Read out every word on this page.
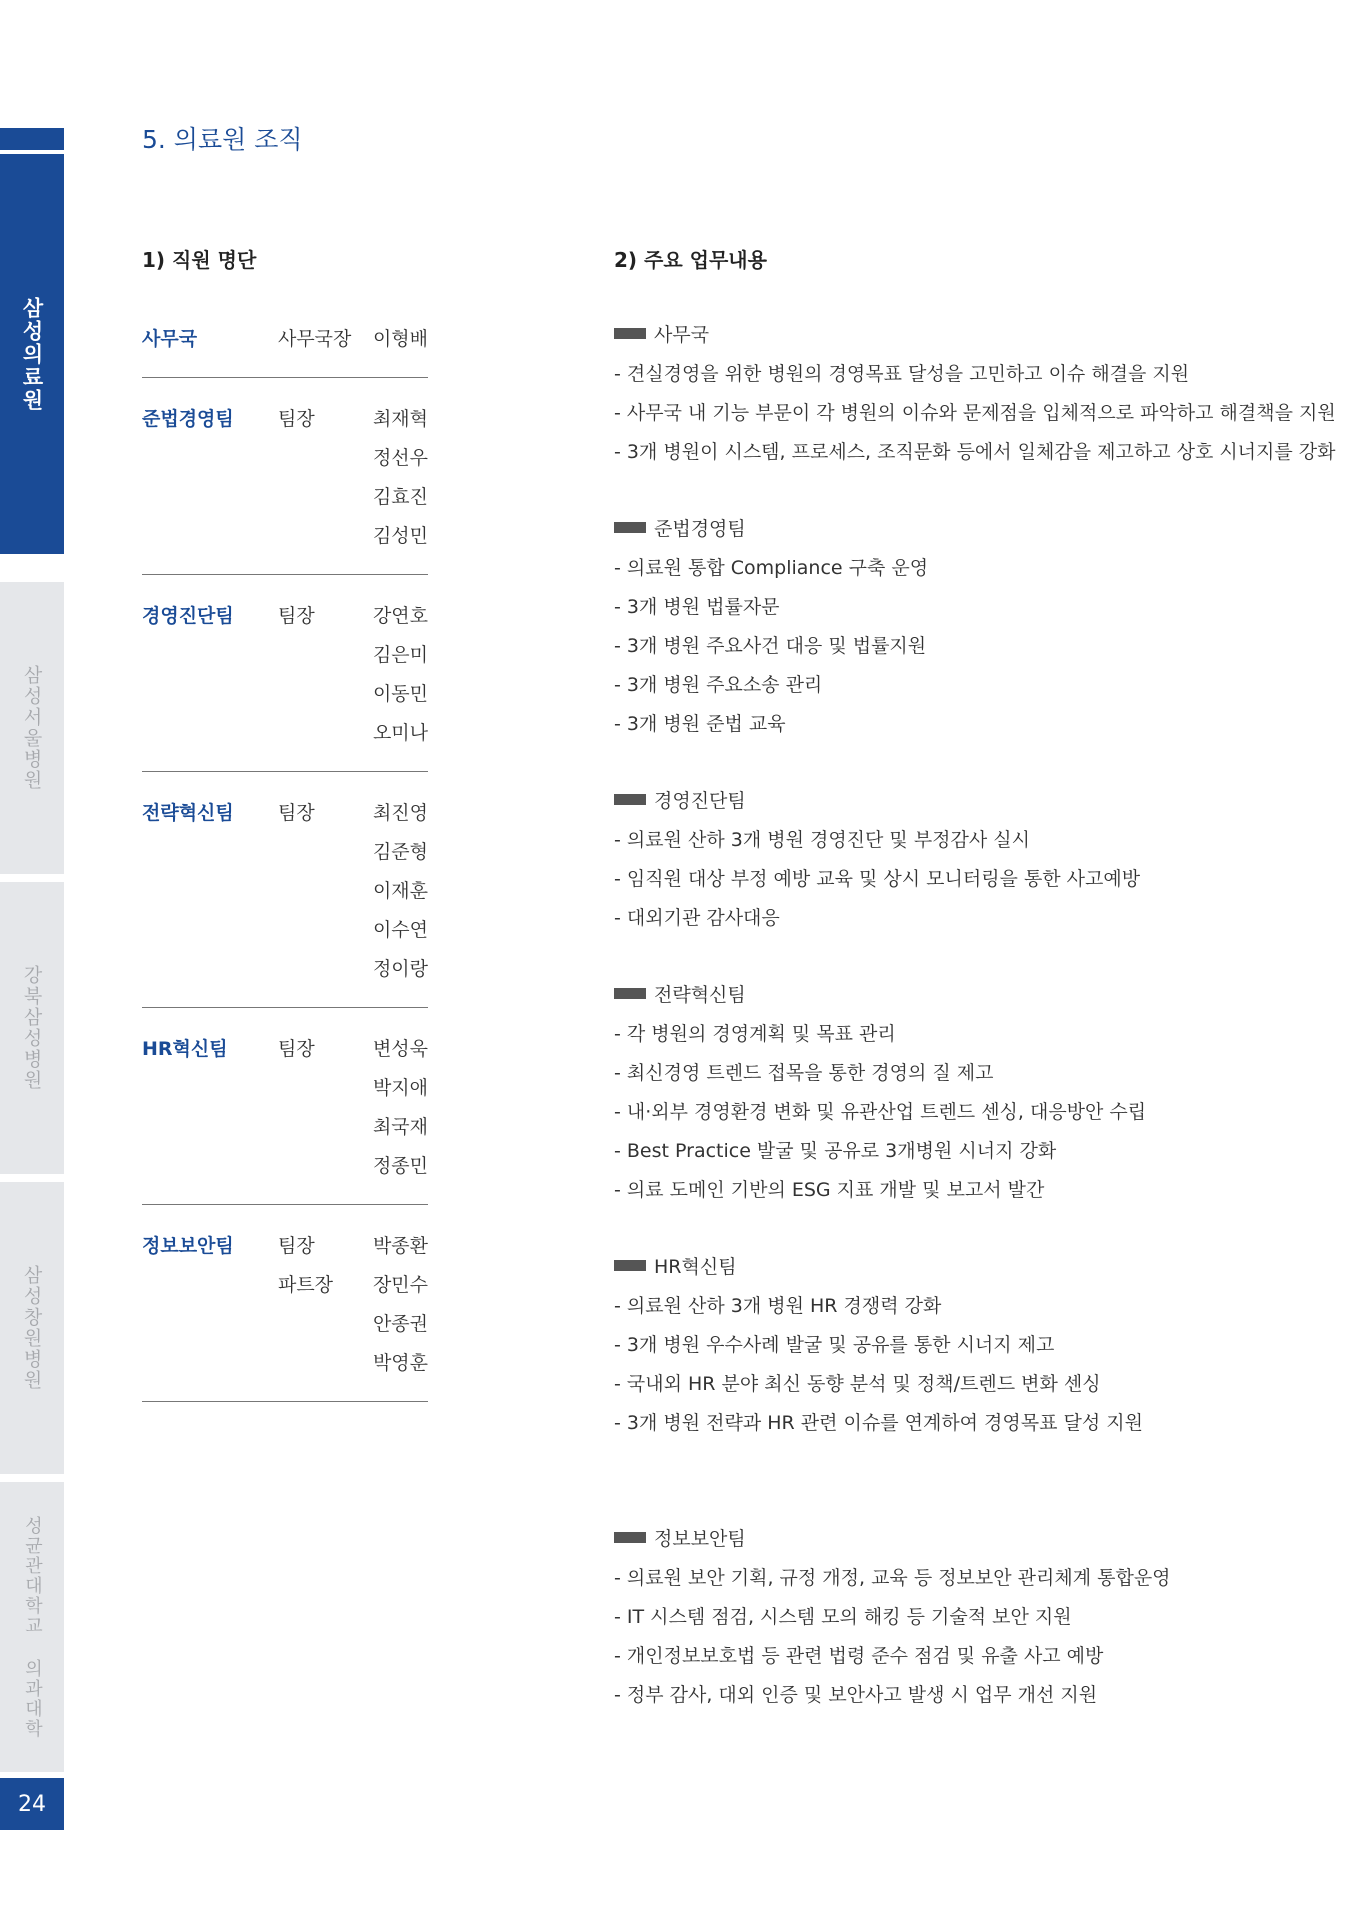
삼성의료원
삼성서울병원
강북삼성병원
삼성창원병원
성균관대학교 의과대학
24
5. 의료원 조직
1) 직원 명단	2) 주요 업무내용
사무국	사무국장	이형배
준법경영팀	팀장	최재혁
정선우
김효진
김성민
경영진단팀	팀장	강연호
김은미
이동민
오미나
전략혁신팀	팀장	최진영
김준형
이재훈
이수연
정이랑
HR혁신팀	팀장	변성욱
박지애
최국재
정종민
정보보안팀	팀장	박종환
파트장	장민수
안종권
박영훈
사무국
- 견실경영을 위한 병원의 경영목표 달성을 고민하고 이슈 해결을 지원
- 사무국 내 기능 부문이 각 병원의 이슈와 문제점을 입체적으로 파악하고 해결책을 지원
- 3개 병원이 시스템, 프로세스, 조직문화 등에서 일체감을 제고하고 상호 시너지를 강화
준법경영팀
- 의료원 통합 Compliance 구축 운영
- 3개 병원 법률자문
- 3개 병원 주요사건 대응 및 법률지원
- 3개 병원 주요소송 관리
- 3개 병원 준법 교육
경영진단팀
- 의료원 산하 3개 병원 경영진단 및 부정감사 실시
- 임직원 대상 부정 예방 교육 및 상시 모니터링을 통한 사고예방
- 대외기관 감사대응
전략혁신팀
- 각 병원의 경영계획 및 목표 관리
- 최신경영 트렌드 접목을 통한 경영의 질 제고
- 내·외부 경영환경 변화 및 유관산업 트렌드 센싱, 대응방안 수립
- Best Practice 발굴 및 공유로 3개병원 시너지 강화
- 의료 도메인 기반의 ESG 지표 개발 및 보고서 발간
HR혁신팀
- 의료원 산하 3개 병원 HR 경쟁력 강화
- 3개 병원 우수사례 발굴 및 공유를 통한 시너지 제고
- 국내외 HR 분야 최신 동향 분석 및 정책/트렌드 변화 센싱
- 3개 병원 전략과 HR 관련 이슈를 연계하여 경영목표 달성 지원
정보보안팀
- 의료원 보안 기획, 규정 개정, 교육 등 정보보안 관리체계 통합운영
- IT 시스템 점검, 시스템 모의 해킹 등 기술적 보안 지원
- 개인정보보호법 등 관련 법령 준수 점검 및 유출 사고 예방
- 정부 감사, 대외 인증 및 보안사고 발생 시 업무 개선 지원
